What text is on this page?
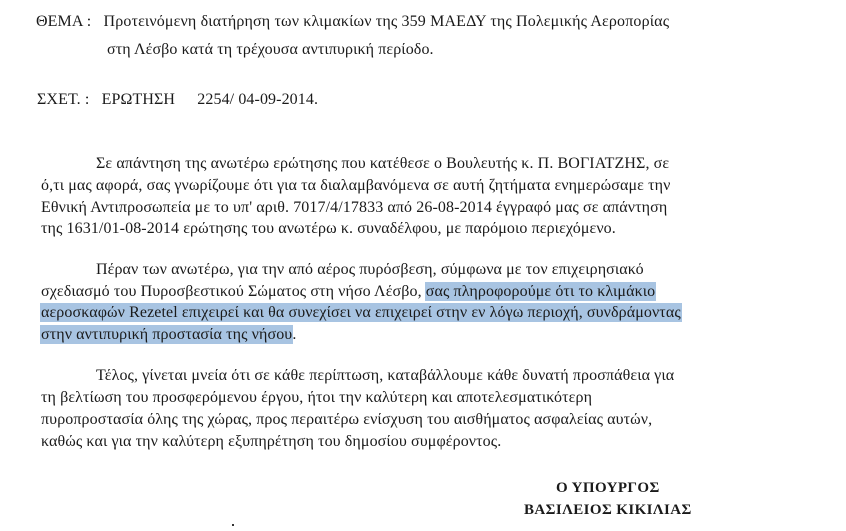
ΘΕΜΑ : Προτεινόμενη διατήρηση των κλιμακίων της 359 ΜΑΕΔΥ της Πολεμικής Αεροπορίας
στη Λέσβο κατά τη τρέχουσα αντιπυρική περίοδο.
ΣΧΕΤ. : ΕΡΩΤΗΣΗ 2254/ 04-09-2014.
Σε απάντηση της ανωτέρω ερώτησης που κατέθεσε ο Βουλευτής κ. Π. ΒΟΓΙΑΤΖΗΣ, σε
ό,τι μας αφορά, σας γνωρίζουμε ότι για τα διαλαμβανόμενα σε αυτή ζητήματα ενημερώσαμε την
Εθνική Αντιπροσωπεία με το υπ' αριθ. 7017/4/17833 από 26-08-2014 έγγραφό μας σε απάντηση
της 1631/01-08-2014 ερώτησης του ανωτέρω κ. συναδέλφου, με παρόμοιο περιεχόμενο.
Πέραν των ανωτέρω, για την από αέρος πυρόσβεση, σύμφωνα με τον επιχειρησιακό
σχεδιασμό του Πυροσβεστικού Σώματος στη νήσο Λέσβο, σας πληροφορούμε ότι το κλιμάκιο
αεροσκαφών Rezetel επιχειρεί και θα συνεχίσει να επιχειρεί στην εν λόγω περιοχή, συνδράμοντας
στην αντιπυρική προστασία της νήσου.
Τέλος, γίνεται μνεία ότι σε κάθε περίπτωση, καταβάλλουμε κάθε δυνατή προσπάθεια για
τη βελτίωση του προσφερόμενου έργου, ήτοι την καλύτερη και αποτελεσματικότερη
πυροπροστασία όλης της χώρας, προς περαιτέρω ενίσχυση του αισθήματος ασφαλείας αυτών,
καθώς και για την καλύτερη εξυπηρέτηση του δημοσίου συμφέροντος.
Ο ΥΠΟΥΡΓΟΣ
ΒΑΣΙΛΕΙΟΣ ΚΙΚΙΛΙΑΣ
